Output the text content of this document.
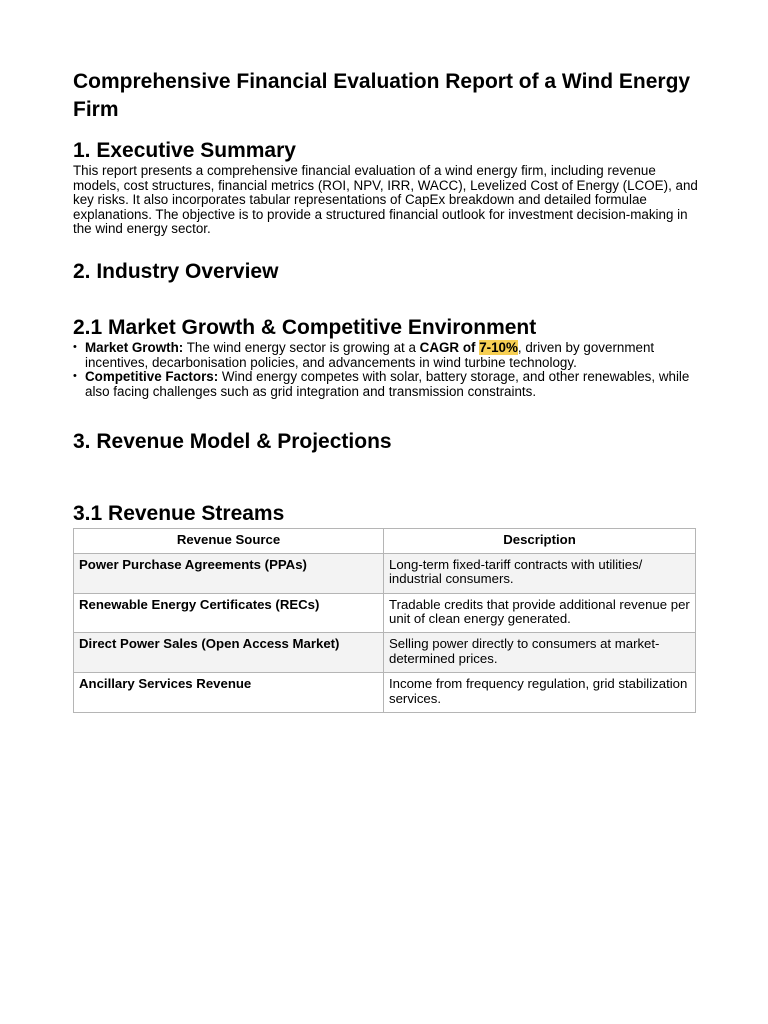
Comprehensive Financial Evaluation Report of a Wind Energy Firm
1. Executive Summary

This report presents a comprehensive financial evaluation of a wind energy firm, including revenue models, cost structures, financial metrics (ROI, NPV, IRR, WACC), Levelized Cost of Energy (LCOE), and key risks. It also incorporates tabular representations of CapEx breakdown and detailed formulae explanations. The objective is to provide a structured financial outlook for investment decision-making in the wind energy sector.

2. Industry Overview
2.1 Market Growth & Competitive Environment
• Market Growth: The wind energy sector is growing at a CAGR of 7-10%, driven by government incentives, decarbonisation policies, and advancements in wind turbine technology.
• Competitive Factors: Wind energy competes with solar, battery storage, and other renewables, while also facing challenges such as grid integration and transmission constraints.
3. Revenue Model & Projections
3.1 Revenue Streams
Revenue Source	Description
Power Purchase Agreements (PPAs)	Long-term fixed-tariff contracts with utilities/ industrial consumers.
Renewable Energy Certificates (RECs)	Tradable credits that provide additional revenue per unit of clean energy generated.
Direct Power Sales (Open Access Market)	Selling power directly to consumers at market-determined prices.
Ancillary Services Revenue	Income from frequency regulation, grid stabilization services.
